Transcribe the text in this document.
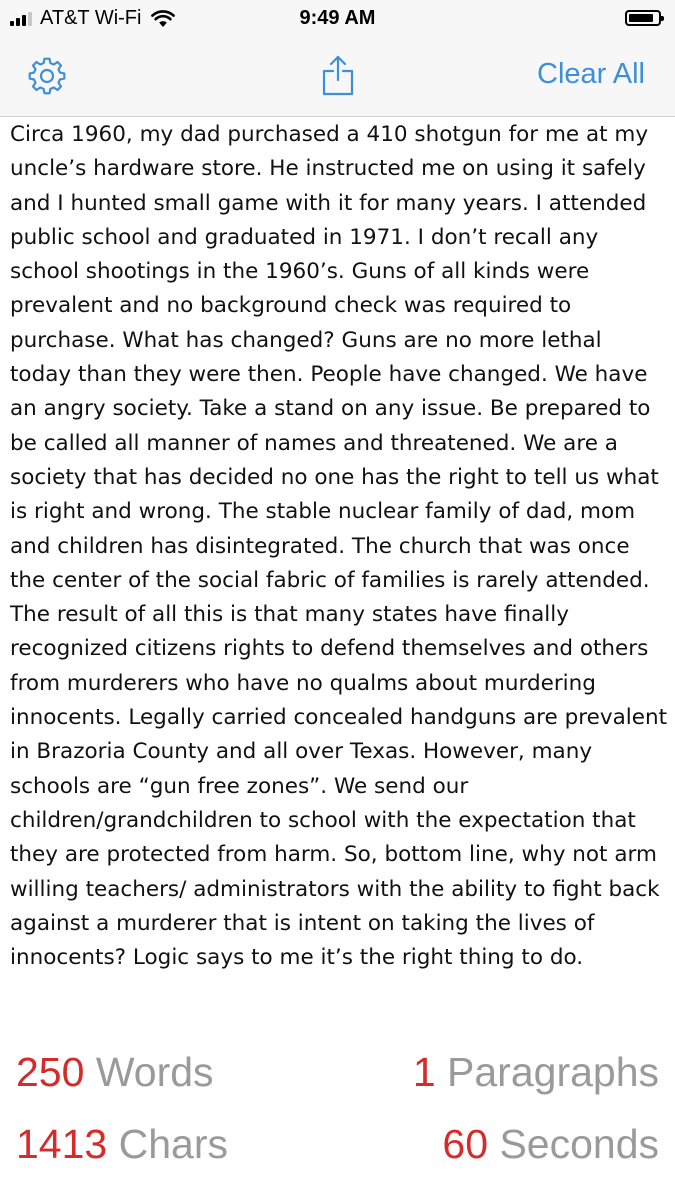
AT&T Wi-Fi	9:49 AM
Clear All
Circa 1960, my dad purchased a 410 shotgun for me at my uncle’s hardware store. He instructed me on using it safely and I hunted small game with it for many years. I attended public school and graduated in 1971. I don’t recall any school shootings in the 1960’s. Guns of all kinds were prevalent and no background check was required to purchase. What has changed? Guns are no more lethal today than they were then. People have changed. We have an angry society. Take a stand on any issue. Be prepared to be called all manner of names and threatened. We are a society that has decided no one has the right to tell us what is right and wrong. The stable nuclear family of dad, mom and children has disintegrated. The church that was once the center of the social fabric of families is rarely attended. The result of all this is that many states have finally recognized citizens rights to defend themselves and others from murderers who have no qualms about murdering innocents. Legally carried concealed handguns are prevalent in Brazoria County and all over Texas. However, many schools are “gun free zones”. We send our children/grandchildren to school with the expectation that they are protected from harm. So, bottom line, why not arm willing teachers/ administrators with the ability to fight back against a murderer that is intent on taking the lives of innocents? Logic says to me it’s the right thing to do.
250 Words	1 Paragraphs
1413 Chars	60 Seconds
